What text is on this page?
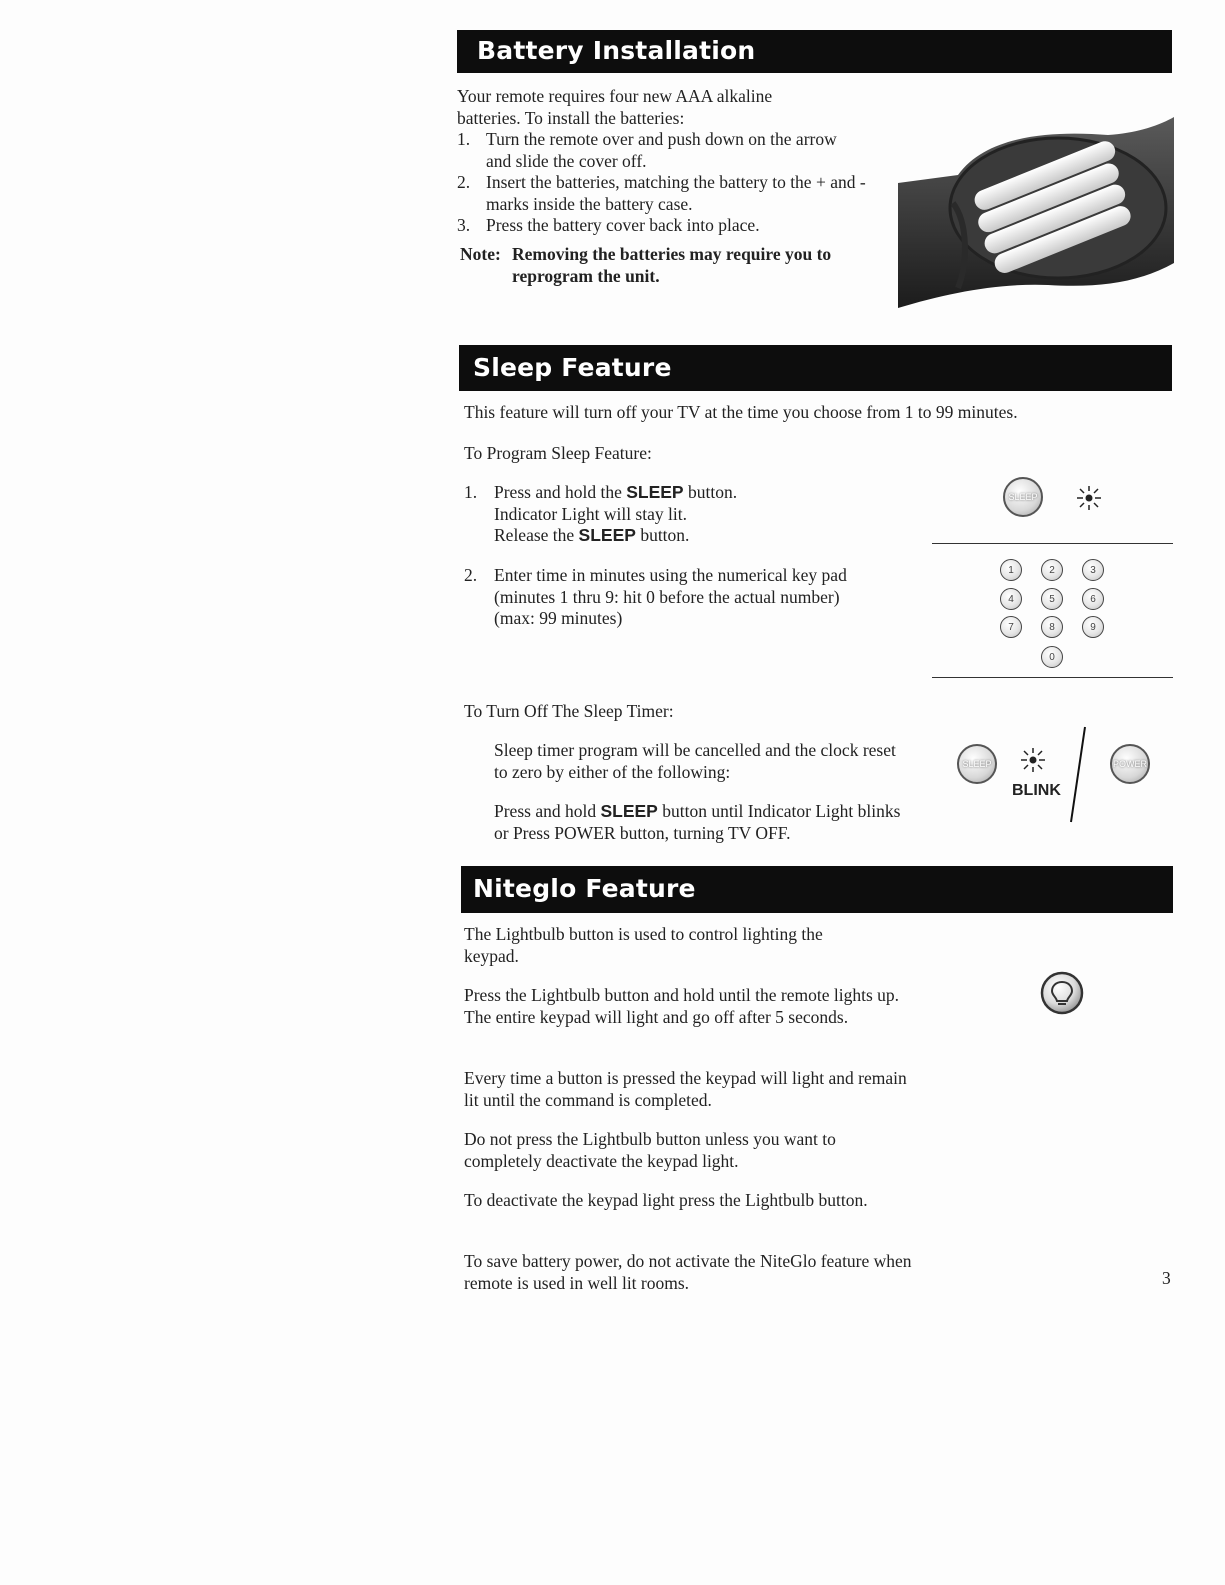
Battery Installation
Your remote requires four new AAA alkaline batteries. To install the batteries:
1. Turn the remote over and push down on the arrow and slide the cover off.
2. Insert the batteries, matching the battery to the + and - marks inside the battery case.
3. Press the battery cover back into place.
Note: Removing the batteries may require you to reprogram the unit.
Sleep Feature
This feature will turn off your TV at the time you choose from 1 to 99 minutes.
To Program Sleep Feature:
1. Press and hold the SLEEP button.

Indicator Light will stay lit.

Release the SLEEP button.

2. Enter time in minutes using the numerical key pad

(minutes 1 thru 9: hit 0 before the actual number)

(max: 99 minutes)

SLEEP
1	2	3
4	5	6
7	8	9
0
To Turn Off The Sleep Timer:
Sleep timer program will be cancelled and the clock reset to zero by either of the following:
Press and hold SLEEP button until Indicator Light blinks or Press POWER button, turning TV OFF.
SLEEP
BLINK
POWER
Niteglo Feature
The Lightbulb button is used to control lighting the keypad.
Press the Lightbulb button and hold until the remote lights up. The entire keypad will light and go off after 5 seconds.
Every time a button is pressed the keypad will light and remain lit until the command is completed.
Do not press the Lightbulb button unless you want to completely deactivate the keypad light.
To deactivate the keypad light press the Lightbulb button.
To save battery power, do not activate the NiteGlo feature when remote is used in well lit rooms.	3
